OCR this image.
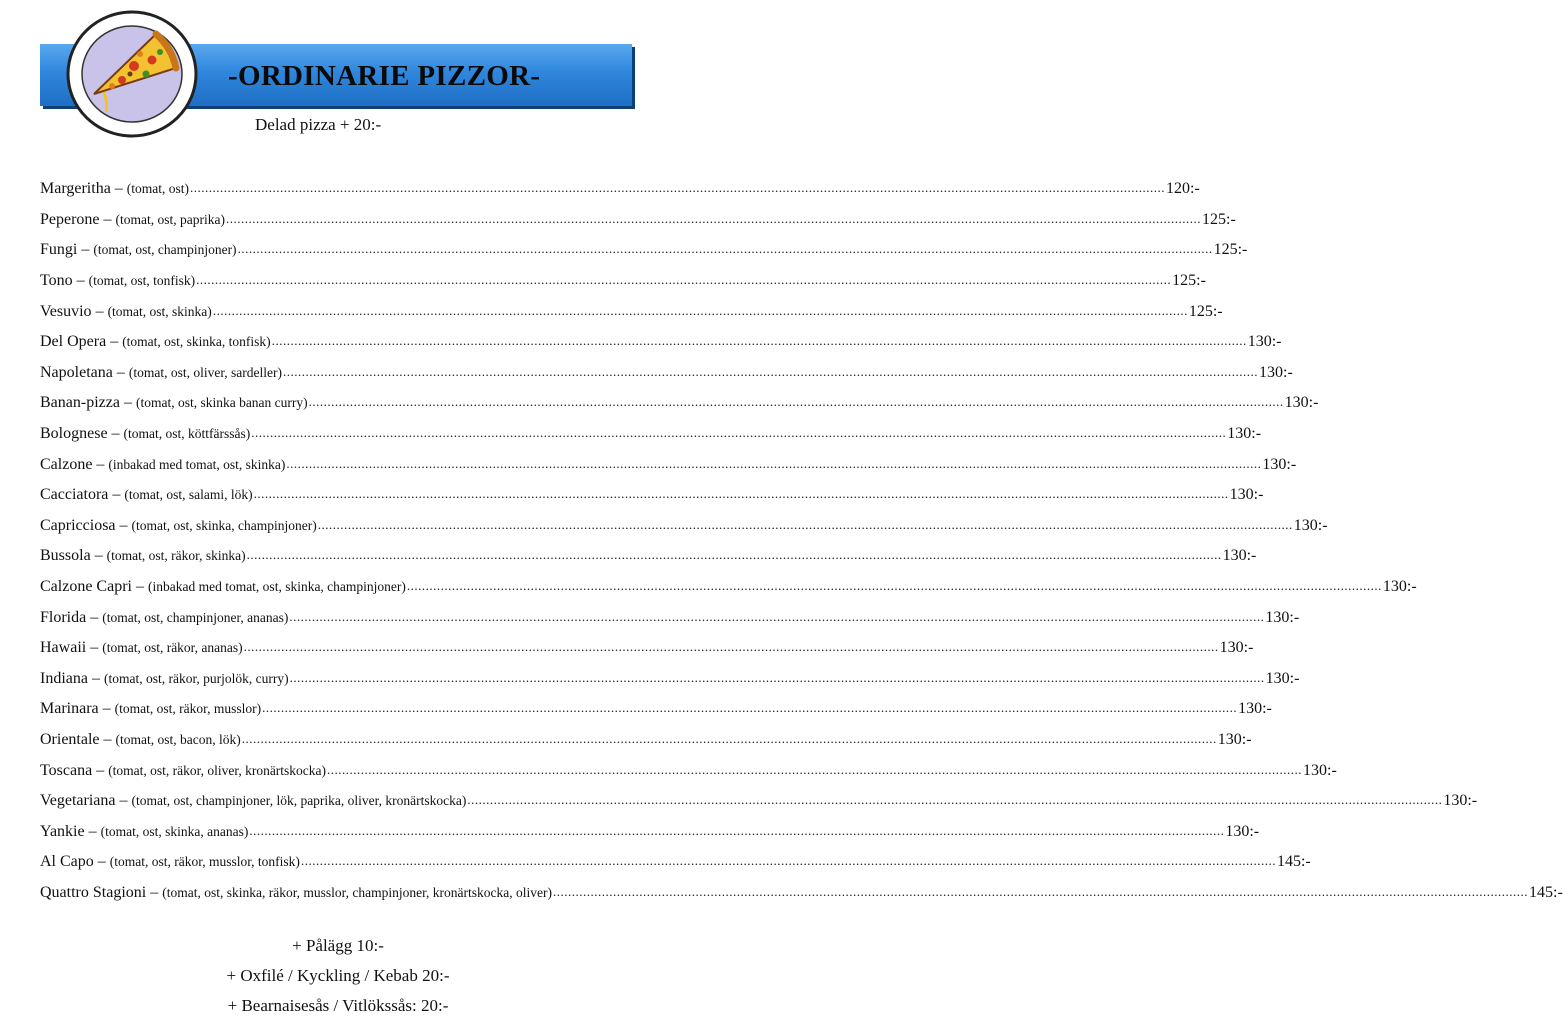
-ORDINARIE PIZZOR-
Delad pizza + 20:-
Margeritha – (tomat, ost) .................................................................................................................................................................................................................................................................... 120:-
Peperone – (tomat, ost, paprika) .................................................................................................................................................................................................................................................................... 125:-
Fungi – (tomat, ost, champinjoner) .................................................................................................................................................................................................................................................................... 125:-
Tono – (tomat, ost, tonfisk) .................................................................................................................................................................................................................................................................... 125:-
Vesuvio – (tomat, ost, skinka) .................................................................................................................................................................................................................................................................... 125:-
Del Opera – (tomat, ost, skinka, tonfisk) .................................................................................................................................................................................................................................................................... 130:-
Napoletana – (tomat, ost, oliver, sardeller) .................................................................................................................................................................................................................................................................... 130:-
Banan-pizza – (tomat, ost, skinka banan curry) .................................................................................................................................................................................................................................................................... 130:-
Bolognese – (tomat, ost, köttfärssås) .................................................................................................................................................................................................................................................................... 130:-
Calzone – (inbakad med tomat, ost, skinka) .................................................................................................................................................................................................................................................................... 130:-
Cacciatora – (tomat, ost, salami, lök) .................................................................................................................................................................................................................................................................... 130:-
Capricciosa – (tomat, ost, skinka, champinjoner) .................................................................................................................................................................................................................................................................... 130:-
Bussola – (tomat, ost, räkor, skinka) .................................................................................................................................................................................................................................................................... 130:-
Calzone Capri – (inbakad med tomat, ost, skinka, champinjoner) .................................................................................................................................................................................................................................................................... 130:-
Florida – (tomat, ost, champinjoner, ananas) .................................................................................................................................................................................................................................................................... 130:-
Hawaii – (tomat, ost, räkor, ananas) .................................................................................................................................................................................................................................................................... 130:-
Indiana – (tomat, ost, räkor, purjolök, curry) .................................................................................................................................................................................................................................................................... 130:-
Marinara – (tomat, ost, räkor, musslor) .................................................................................................................................................................................................................................................................... 130:-
Orientale – (tomat, ost, bacon, lök) .................................................................................................................................................................................................................................................................... 130:-
Toscana – (tomat, ost, räkor, oliver, kronärtskocka) .................................................................................................................................................................................................................................................................... 130:-
Vegetariana – (tomat, ost, champinjoner, lök, paprika, oliver, kronärtskocka) .................................................................................................................................................................................................................................................................... 130:-
Yankie – (tomat, ost, skinka, ananas) .................................................................................................................................................................................................................................................................... 130:-
Al Capo – (tomat, ost, räkor, musslor, tonfisk) .................................................................................................................................................................................................................................................................... 145:-
Quattro Stagioni – (tomat, ost, skinka, räkor, musslor, champinjoner, kronärtskocka, oliver) .................................................................................................................................................................................................................................................................... 145:-
+ Pålägg 10:-
+ Oxfilé / Kyckling / Kebab 20:-
+ Bearnaisesås / Vitlökssås: 20:-
